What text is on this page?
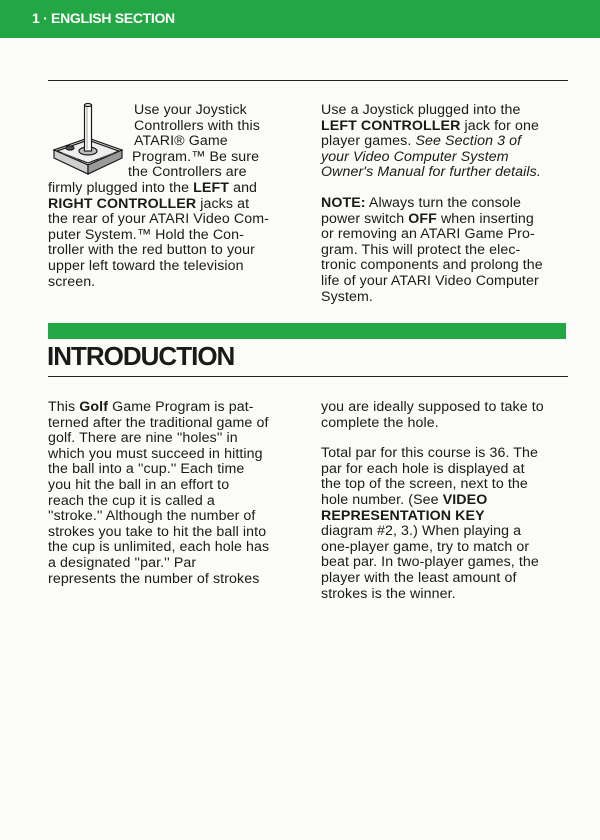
1 · ENGLISH SECTION

Use your Joystick

Controllers with this

ATARI® Game

Program.™ Be sure

the Controllers are

firmly plugged into the LEFT and

RIGHT CONTROLLER jacks at

the rear of your ATARI Video Com-

puter System.™ Hold the Con-

troller with the red button to your

upper left toward the television

screen.

Use a Joystick plugged into the

LEFT CONTROLLER jack for one

player games. See Section 3 of

your Video Computer System

Owner's Manual for further details.

NOTE: Always turn the console

power switch OFF when inserting

or removing an ATARI Game Pro-

gram. This will protect the elec-

tronic components and prolong the

life of your ATARI Video Computer

System.

INTRODUCTION

This Golf Game Program is pat-

terned after the traditional game of

golf. There are nine ''holes'' in

which you must succeed in hitting

the ball into a ''cup.'' Each time

you hit the ball in an effort to

reach the cup it is called a

''stroke.'' Although the number of

strokes you take to hit the ball into

the cup is unlimited, each hole has

a designated ''par.'' Par

represents the number of strokes

you are ideally supposed to take to

complete the hole.

Total par for this course is 36. The

par for each hole is displayed at

the top of the screen, next to the

hole number. (See VIDEO

REPRESENTATION KEY

diagram #2, 3.) When playing a

one-player game, try to match or

beat par. In two-player games, the

player with the least amount of

strokes is the winner.
